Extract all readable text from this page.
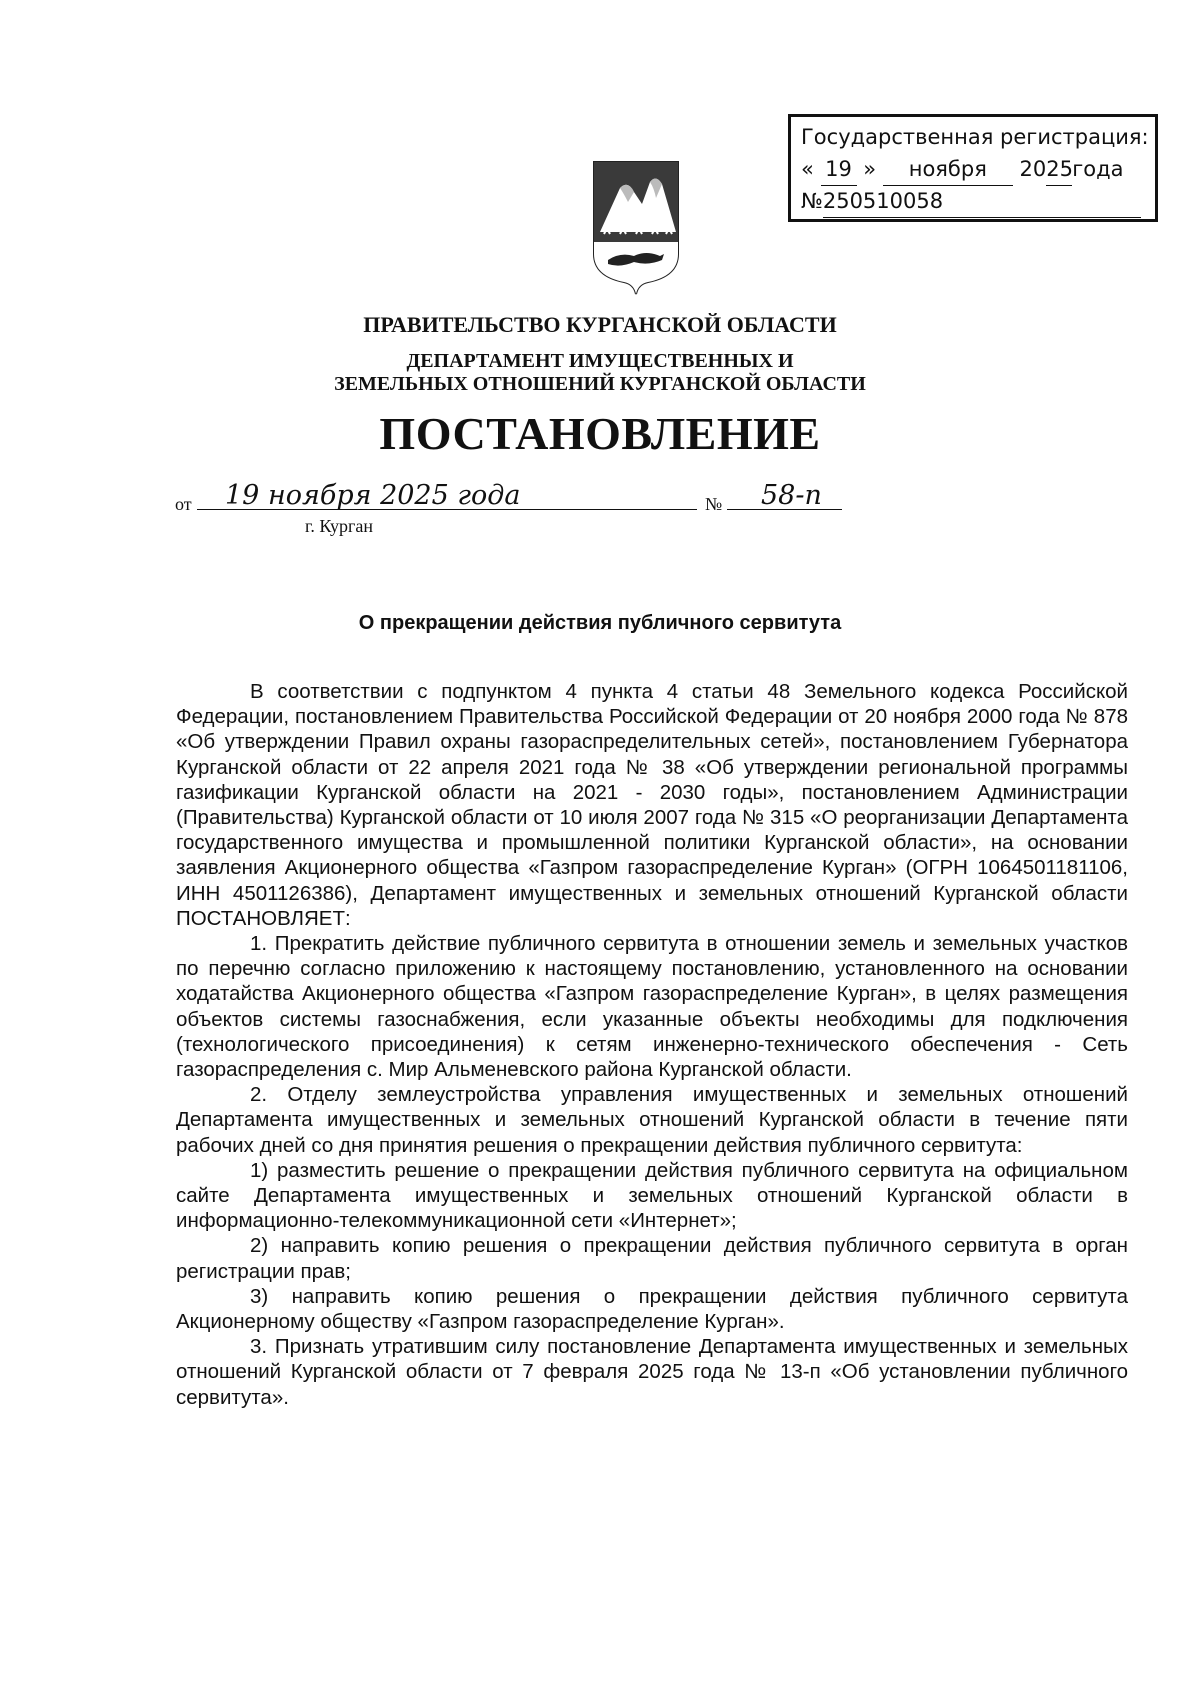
Государственная регистрация:
« 19 » ноября 2025года
№250510058
ПРАВИТЕЛЬСТВО КУРГАНСКОЙ ОБЛАСТИ
ДЕПАРТАМЕНТ ИМУЩЕСТВЕННЫХ И
ЗЕМЕЛЬНЫХ ОТНОШЕНИЙ КУРГАНСКОЙ ОБЛАСТИ
ПОСТАНОВЛЕНИЕ
от	19 ноября 2025 года	№	58-п
г. Курган
О прекращении действия публичного сервитута

В соответствии с подпунктом 4 пункта 4 статьи 48 Земельного кодекса Российской Федерации, постановлением Правительства Российской Федерации от 20 ноября 2000 года № 878 «Об утверждении Правил охраны газораспределительных сетей», постановлением Губернатора Курганской области от 22 апреля 2021 года № 38 «Об утверждении региональной программы газификации Курганской области на 2021 - 2030 годы», постановлением Администрации (Правительства) Курганской области от 10 июля 2007 года № 315 «О реорганизации Департамента государственного имущества и промышленной политики Курганской области», на основании заявления Акционерного общества «Газпром газораспределение Курган» (ОГРН 1064501181106, ИНН 4501126386), Департамент имущественных и земельных отношений Курганской области ПОСТАНОВЛЯЕТ:

1. Прекратить действие публичного сервитута в отношении земель и земельных участков по перечню согласно приложению к настоящему постановлению, установленного на основании ходатайства Акционерного общества «Газпром газораспределение Курган», в целях размещения объектов системы газоснабжения, если указанные объекты необходимы для подключения (технологического присоединения) к сетям инженерно-технического обеспечения - Сеть газораспределения с. Мир Альменевского района Курганской области.

2. Отделу землеустройства управления имущественных и земельных отношений Департамента имущественных и земельных отношений Курганской области в течение пяти рабочих дней со дня принятия решения о прекращении действия публичного сервитута:

1) разместить решение о прекращении действия публичного сервитута на официальном сайте Департамента имущественных и земельных отношений Курганской области в информационно-телекоммуникационной сети «Интернет»;

2) направить копию решения о прекращении действия публичного сервитута в орган регистрации прав;

3) направить копию решения о прекращении действия публичного сервитута Акционерному обществу «Газпром газораспределение Курган».

3. Признать утратившим силу постановление Департамента имущественных и земельных отношений Курганской области от 7 февраля 2025 года № 13-п «Об установлении публичного сервитута».
